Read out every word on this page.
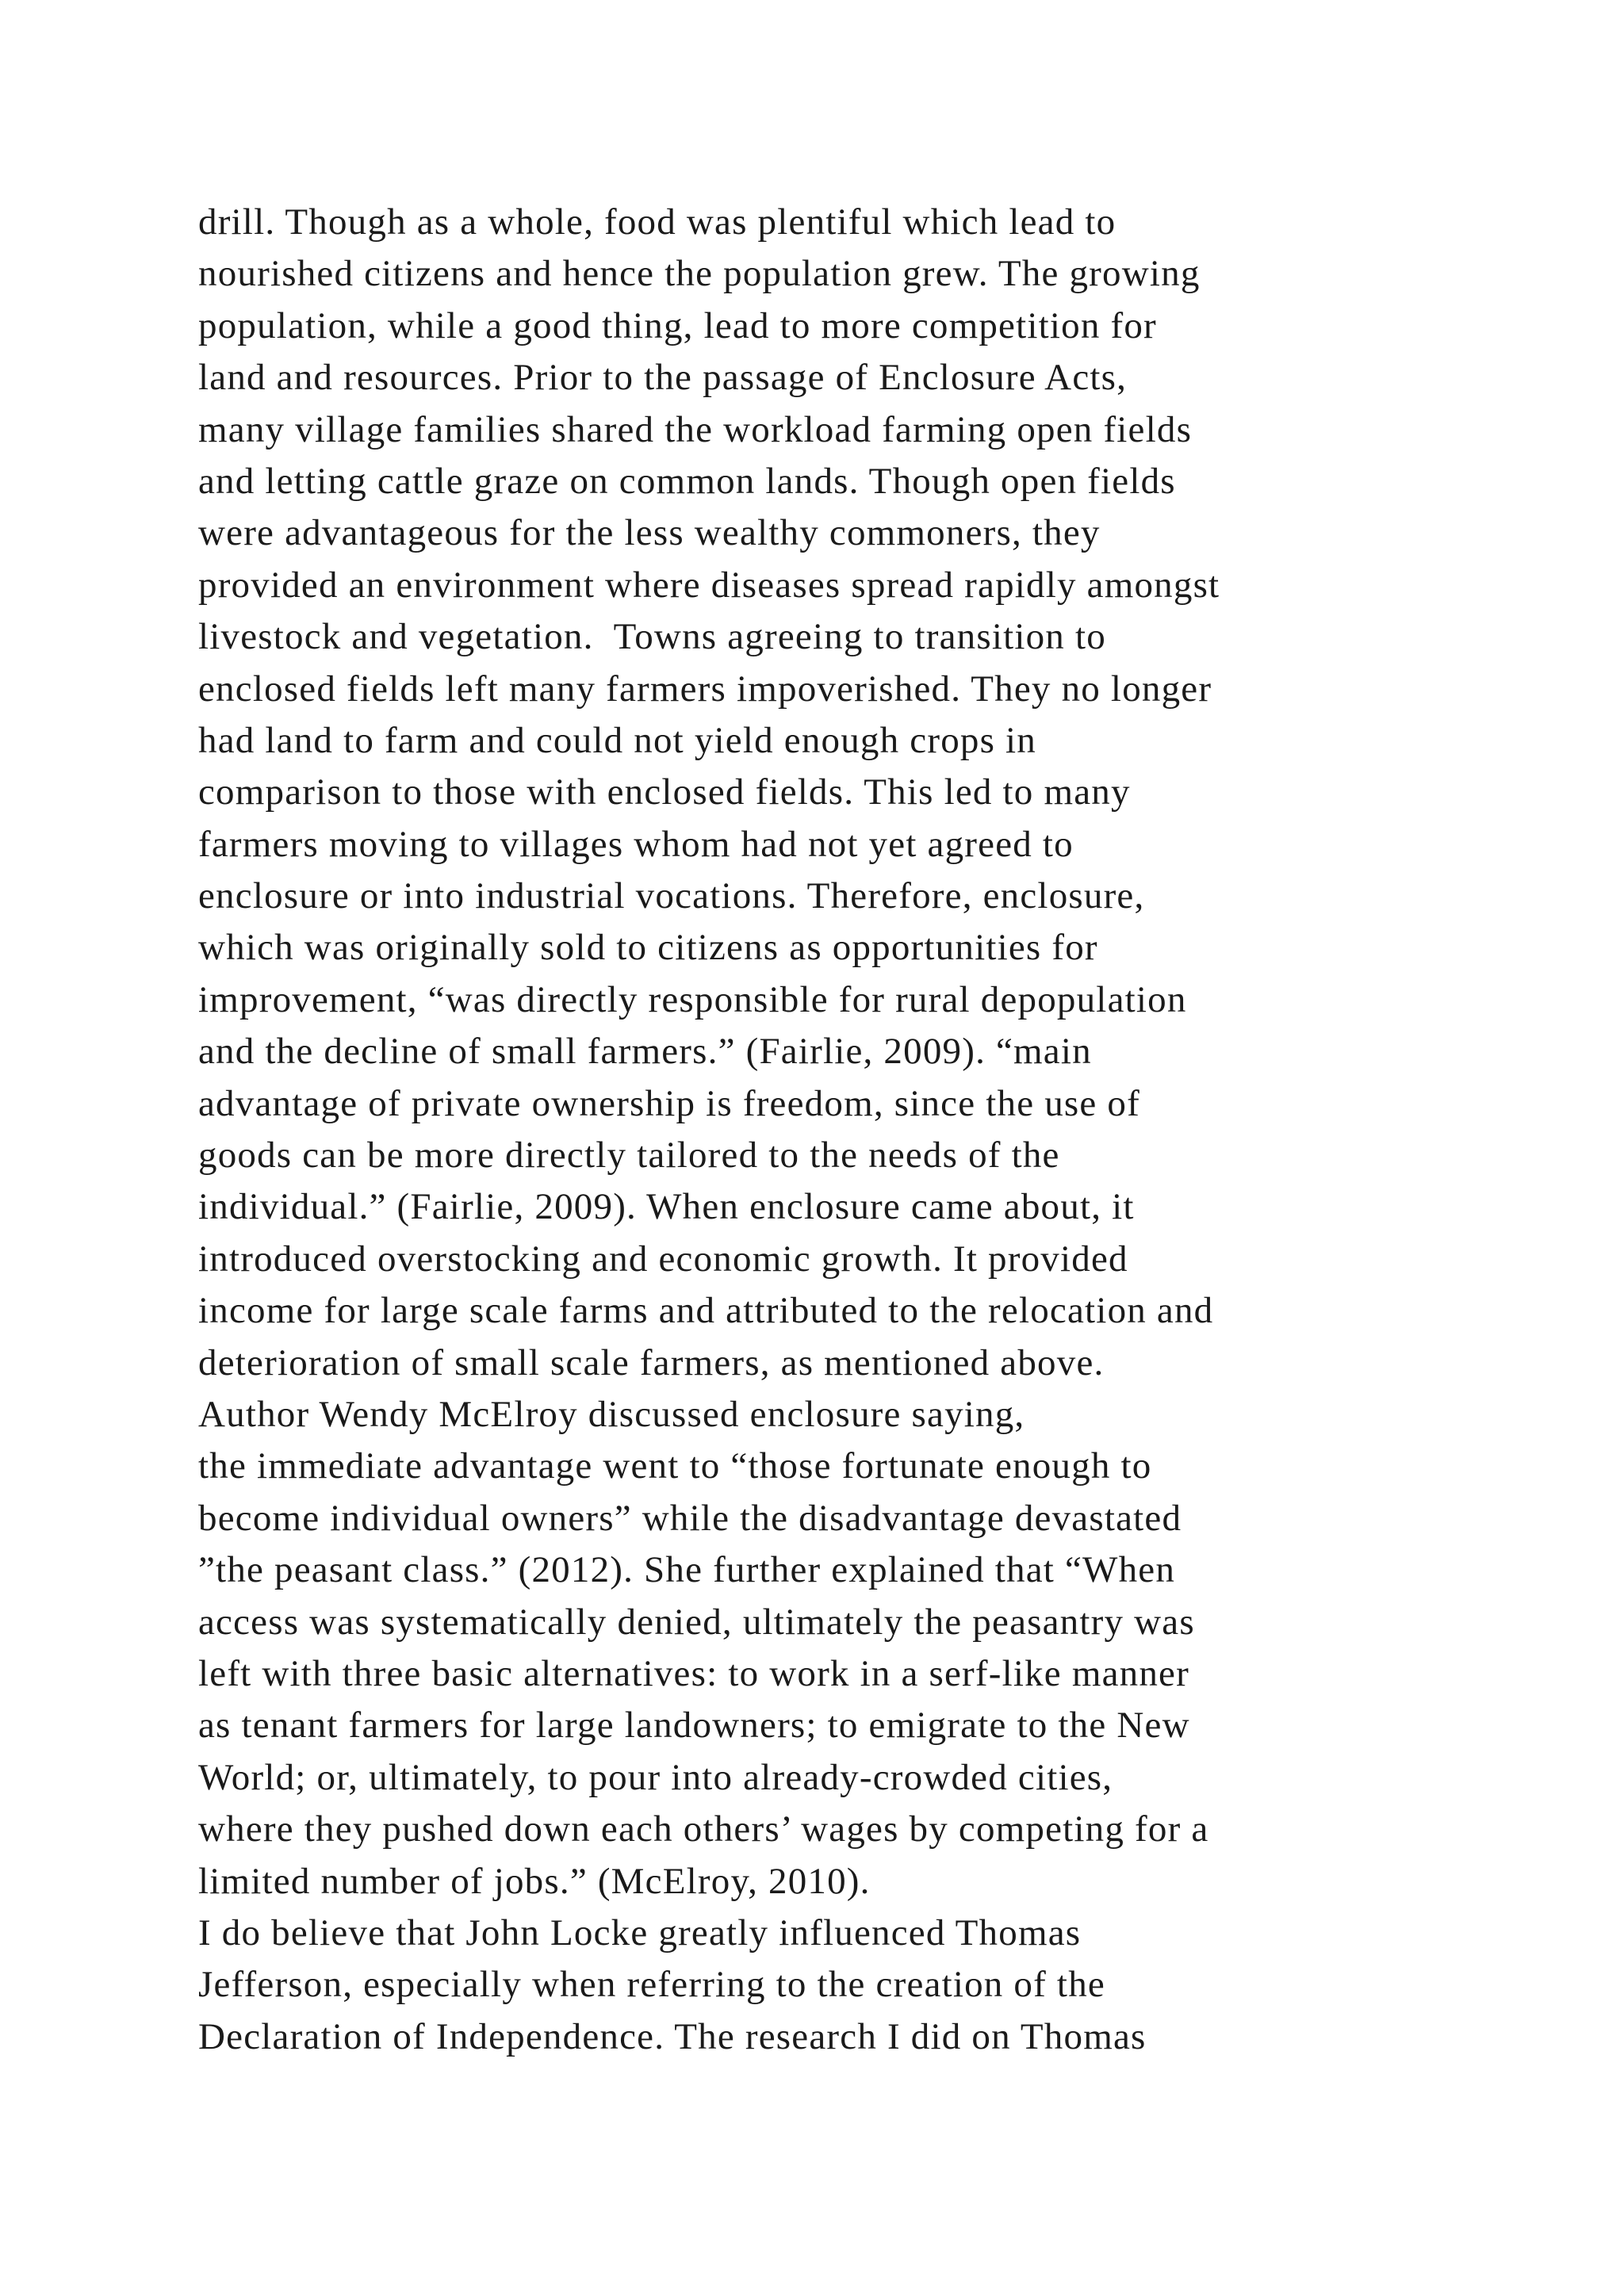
drill. Though as a whole, food was plentiful which lead to
nourished citizens and hence the population grew. The growing
population, while a good thing, lead to more competition for
land and resources. Prior to the passage of Enclosure Acts,
many village families shared the workload farming open fields
and letting cattle graze on common lands. Though open fields
were advantageous for the less wealthy commoners, they
provided an environment where diseases spread rapidly amongst
livestock and vegetation.  Towns agreeing to transition to
enclosed fields left many farmers impoverished. They no longer
had land to farm and could not yield enough crops in
comparison to those with enclosed fields. This led to many
farmers moving to villages whom had not yet agreed to
enclosure or into industrial vocations. Therefore, enclosure,
which was originally sold to citizens as opportunities for
improvement, “was directly responsible for rural depopulation
and the decline of small farmers.” (Fairlie, 2009). “main
advantage of private ownership is freedom, since the use of
goods can be more directly tailored to the needs of the
individual.” (Fairlie, 2009). When enclosure came about, it
introduced overstocking and economic growth. It provided
income for large scale farms and attributed to the relocation and
deterioration of small scale farmers, as mentioned above.
Author Wendy McElroy discussed enclosure saying,
the immediate advantage went to “those fortunate enough to
become individual owners” while the disadvantage devastated
”the peasant class.” (2012). She further explained that “When
access was systematically denied, ultimately the peasantry was
left with three basic alternatives: to work in a serf-like manner
as tenant farmers for large landowners; to emigrate to the New
World; or, ultimately, to pour into already-crowded cities,
where they pushed down each others’ wages by competing for a
limited number of jobs.” (McElroy, 2010).
I do believe that John Locke greatly influenced Thomas
Jefferson, especially when referring to the creation of the
Declaration of Independence. The research I did on Thomas
